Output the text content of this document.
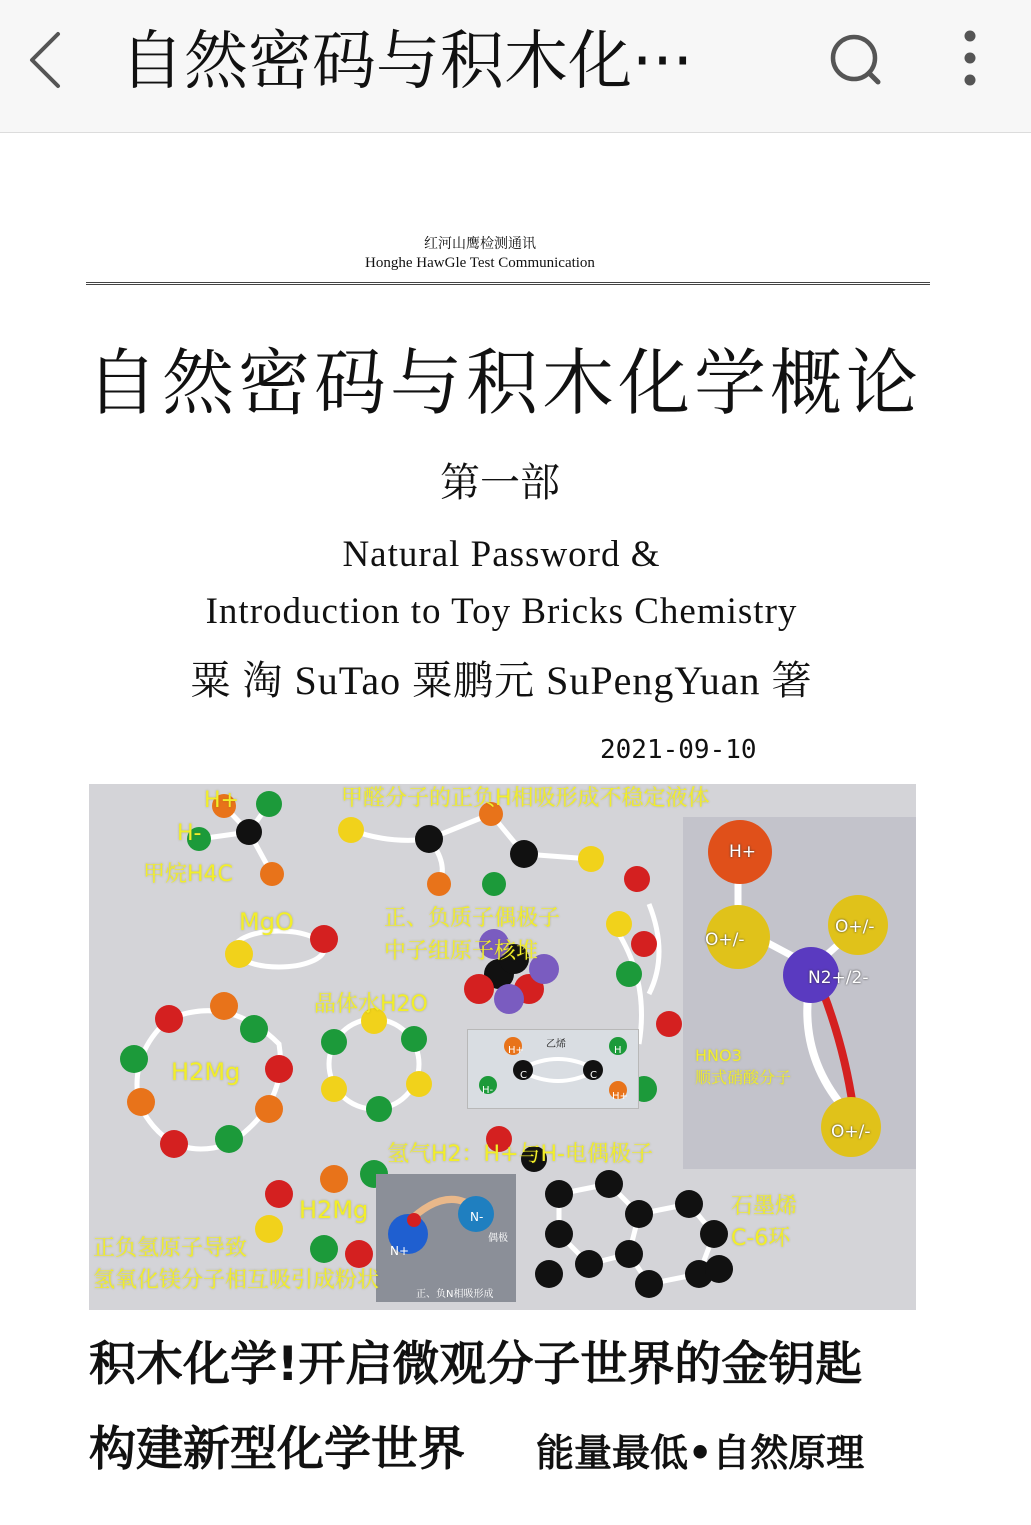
自然密码与积木化···
红河山鹰检测通讯
Honghe HawGle Test Communication
自然密码与积木化学概论
第一部
Natural Password &
Introduction to Toy Bricks Chemistry
粟 淘 SuTao 粟鹏元 SuPengYuan 箸
2021-09-10
H+
O+/-
O+/-
N2+/2-
O+/-
HNO3
顺式硝酸分子
乙烯
H+
H-
C	C
H
H+
N+
N-
偶极
正、负N相吸形成
H+
H-
甲烷H4C
甲醛分子的正负H相吸形成不稳定液体
MgO	正、负质子偶极子
中子组原子核堆
晶体水H2O
H2Mg
H2Mg
氢气H2：H+与H-电偶极子
正负氢原子导致
氢氧化镁分子相互吸引成粉状
石墨烯
C-6环
积木化学!开启微观分子世界的金钥匙
构建新型化学世界 能量最低•自然原理
